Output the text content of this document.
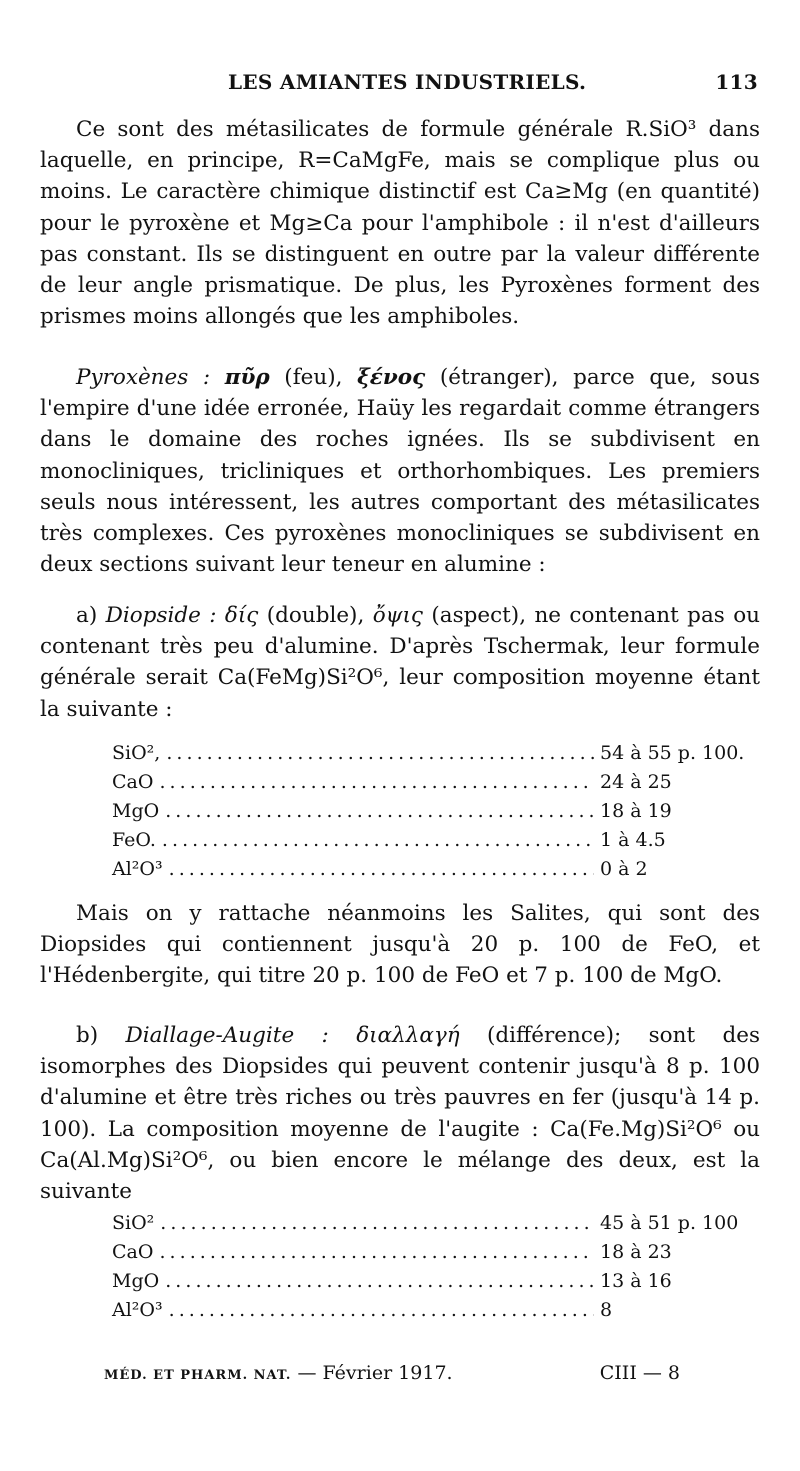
LES AMIANTES INDUSTRIELS.	113

Ce sont des métasilicates de formule générale R.SiO³ dans laquelle, en principe, R=CaMgFe, mais se complique plus ou moins. Le caractère chimique distinctif est Ca≥Mg (en quantité) pour le pyroxène et Mg≥Ca pour l'amphibole : il n'est d'ailleurs pas constant. Ils se distinguent en outre par la valeur différente de leur angle prismatique. De plus, les Pyroxènes forment des prismes moins allongés que les amphiboles.

Pyroxènes : πῦρ (feu), ξένος (étranger), parce que, sous l'empire d'une idée erronée, Haüy les regardait comme étrangers dans le domaine des roches ignées. Ils se subdivisent en monocliniques, tricliniques et orthorhombiques. Les premiers seuls nous intéressent, les autres comportant des métasilicates très complexes. Ces pyroxènes monocliniques se subdivisent en deux sections suivant leur teneur en alumine :

a) Diopside : δίς (double), ὄψις (aspect), ne contenant pas ou contenant très peu d'alumine. D'après Tschermak, leur formule générale serait Ca(FeMg)Si²O⁶, leur composition moyenne étant la suivante :

SiO², . . .	54 à 55 p. 100.
CaO . . .	24 à 25
MgO . . .	18 à 19
FeO. . . .	1 à 4.5
Al²O³ . . .	0 à 2

Mais on y rattache néanmoins les Salites, qui sont des Diopsides qui contiennent jusqu'à 20 p. 100 de FeO, et l'Hédenbergite, qui titre 20 p. 100 de FeO et 7 p. 100 de MgO.

b) Diallage-Augite : διαλλαγή (différence); sont des isomorphes des Diopsides qui peuvent contenir jusqu'à 8 p. 100 d'alumine et être très riches ou très pauvres en fer (jusqu'à 14 p. 100). La composition moyenne de l'augite : Ca(Fe.Mg)Si²O⁶ ou Ca(Al.Mg)Si²O⁶, ou bien encore le mélange des deux, est la suivante

SiO² . . .	45 à 51 p. 100
CaO . . .	18 à 23
MgO . . .	13 à 16
Al²O³ . . .	8
MÉD. ET PHARM. NAT. — Février 1917.	CIII — 8
